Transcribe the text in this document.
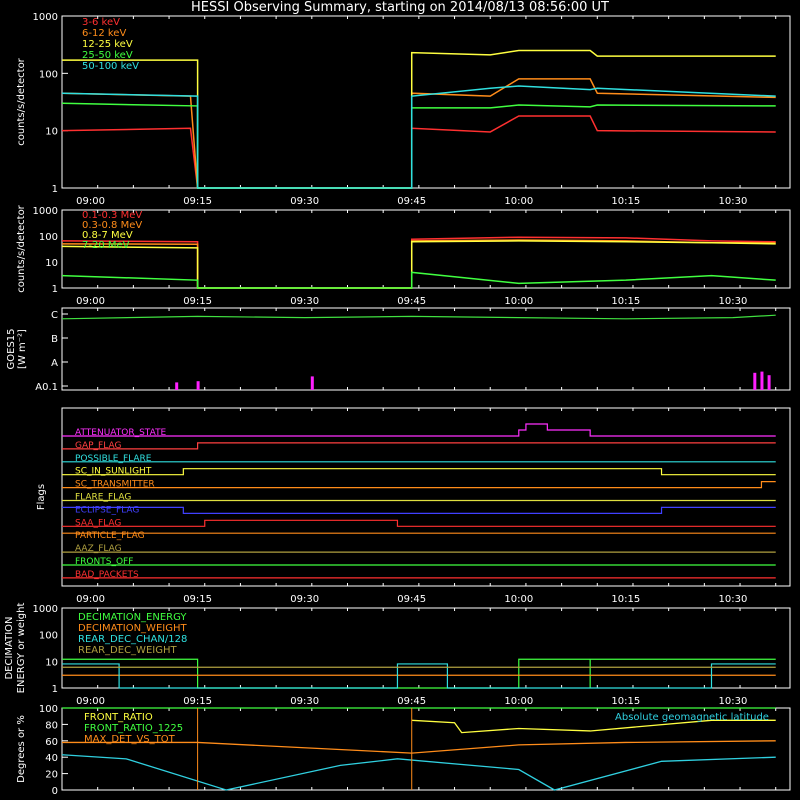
HESSI Observing Summary, starting on 2014/08/13 08:56:00 UT
1
10
100
1000
counts/s/detector
3-6 keV
6-12 keV
12-25 keV
25-50 keV
50-100 keV
09:00	09:15	09:30	09:45	10:00	10:15	10:30
1
10
100
1000
counts/s/detector	0.1-0.3 MeV
0.3-0.8 MeV
0.8-7 MeV
7-20 MeV
09:00	09:15	09:30	09:45	10:00	10:15	10:30
A0.1
A
B
C
GOES15 [W m⁻²]
Flags
ATTENUATOR_STATE
GAP_FLAG
POSSIBLE_FLARE
SC_IN_SUNLIGHT
SC_TRANSMITTER
FLARE_FLAG
ECLIPSE_FLAG
SAA_FLAG
PARTICLE_FLAG
AAZ_FLAG
FRONTS_OFF
BAD_PACKETS
09:00	09:15	09:30	09:45	10:00	10:15	10:30
1
10
100
1000
DECIMATION ENERGY or weight	DECIMATION_ENERGY
DECIMATION_WEIGHT
REAR_DEC_CHAN/128
REAR_DEC_WEIGHT
09:00	09:15	09:30	09:45	10:00	10:15	10:30
0
20
40
60
80
100
Degrees or %	FRONT_RATIO
FRONT_RATIO_1225
MAX_DET_VS_TOT
Absolute geomagnetic latitude
